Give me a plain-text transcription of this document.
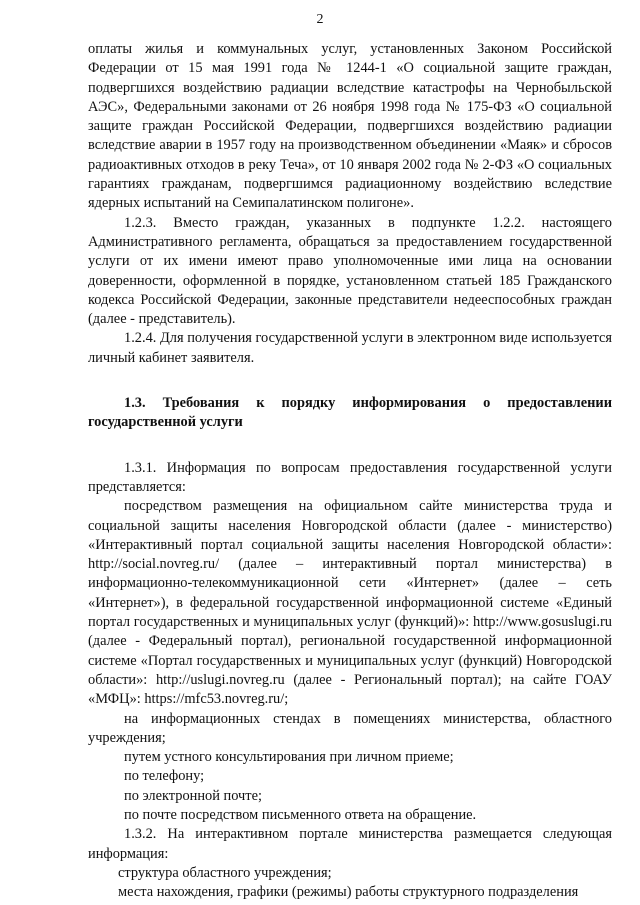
2

оплаты жилья и коммунальных услуг, установленных Законом Российской Федерации от 15 мая 1991 года № 1244-1 «О социальной защите граждан, подвергшихся воздействию радиации вследствие катастрофы на Чернобыльской АЭС», Федеральными законами от 26 ноября 1998 года № 175-ФЗ «О социальной защите граждан Российской Федерации, подвергшихся воздействию радиации вследствие аварии в 1957 году на производственном объединении «Маяк» и сбросов радиоактивных отходов в реку Теча», от 10 января 2002 года № 2-ФЗ «О социальных гарантиях гражданам, подвергшимся радиационному воздействию вследствие ядерных испытаний на Семипалатинском полигоне».

1.2.3. Вместо граждан, указанных в подпункте 1.2.2. настоящего Административного регламента, обращаться за предоставлением государственной услуги от их имени имеют право уполномоченные ими лица на основании доверенности, оформленной в порядке, установленном статьей 185 Гражданского кодекса Российской Федерации, законные представители недееспособных граждан (далее - представитель).

1.2.4. Для получения государственной услуги в электронном виде используется личный кабинет заявителя.

1.3. Требования к порядку информирования о предоставлении государственной услуги

1.3.1. Информация по вопросам предоставления государственной услуги представляется:

посредством размещения на официальном сайте министерства труда и социальной защиты населения Новгородской области (далее - министерство) «Интерактивный портал социальной защиты населения Новгородской области»: http://social.novreg.ru/ (далее – интерактивный портал министерства) в информационно-телекоммуникационной сети «Интернет» (далее – сеть «Интернет»), в федеральной государственной информационной системе «Единый портал государственных и муниципальных услуг (функций)»: http://www.gosuslugi.ru (далее - Федеральный портал), региональной государственной информационной системе «Портал государственных и муниципальных услуг (функций) Новгородской области»: http://uslugi.novreg.ru (далее - Региональный портал); на сайте ГОАУ «МФЦ»: https://mfc53.novreg.ru/;

на информационных стендах в помещениях министерства, областного учреждения;

путем устного консультирования при личном приеме;

по телефону;

по электронной почте;

по почте посредством письменного ответа на обращение.

1.3.2. На интерактивном портале министерства размещается следующая информация:

структура областного учреждения;

места нахождения, графики (режимы) работы структурного подразделения
